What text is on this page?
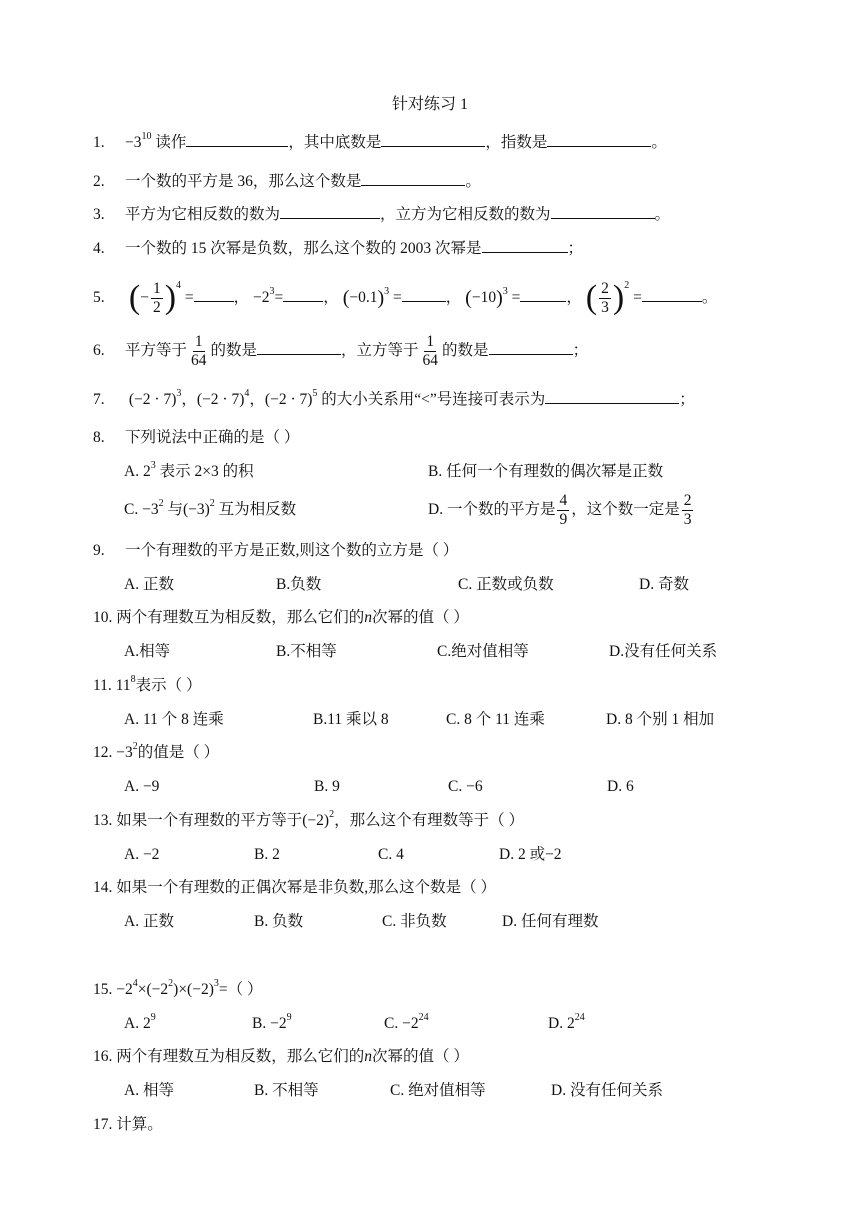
针对练习 1
1. $-3^{10}$ 读作	，其中底数是	，指数是	。
2. 一个数的平方是 36，那么这个数是	。
3. 平方为它相反数的数为	，立方为它相反数的数为	。
4. 一个数的 15 次幂是负数，那么这个数的 2003 次幂是	；
5. ( − $\frac{1}{2}$ ) $^4$ =	， $-2^3=$	， ( −0.1 ) $^3$ =	， ( −10 ) $^3$ =	， ( $\frac{2}{3}$ ) $^2$ =	。
6. 平方等于 $\frac{1}{64}$ 的数是	，立方等于 $\frac{1}{64}$ 的数是	；
7. $(-2 \cdot 7)^3$，$(-2 \cdot 7)^4$，$(-2 \cdot 7)^5$ 的大小关系用“<”号连接可表示为	；
8. 下列说法中正确的是（ ）
A. $2^3$ 表示 2×3 的积	B. 任何一个有理数的偶次幂是正数
C. $-3^2$ 与$(-3)^2$ 互为相反数	D. 一个数的平方是 $\frac{4}{9}$ ，这个数一定是 $\frac{2}{3}$
9. 一个有理数的平方是正数,则这个数的立方是（ ）
A. 正数	B.负数	C. 正数或负数	D. 奇数
10. 两个有理数互为相反数，那么它们的n次幂的值（ ）
A.相等	B.不相等	C.绝对值相等	D.没有任何关系
11. $11^8$表示（ ）
A. 11 个 8 连乘	B.11 乘以 8	C. 8 个 11 连乘	D. 8 个别 1 相加
12. $-3^2$的值是（ ）
A. −9	B. 9	C. −6	D. 6
13. 如果一个有理数的平方等于$(-2)^2$，那么这个有理数等于（ ）
A. −2	B. 2	C. 4	D. 2 或−2
14. 如果一个有理数的正偶次幂是非负数,那么这个数是（ ）
A. 正数	B. 负数	C. 非负数	D. 任何有理数
15. $-2^4\times(-2^2)\times(-2)^3=$（ ）
A. $2^9$	B. $-2^9$	C. $-2^{24}$	D. $2^{24}$
16. 两个有理数互为相反数，那么它们的n次幂的值（ ）
A. 相等	B. 不相等	C. 绝对值相等	D. 没有任何关系
17. 计算。
